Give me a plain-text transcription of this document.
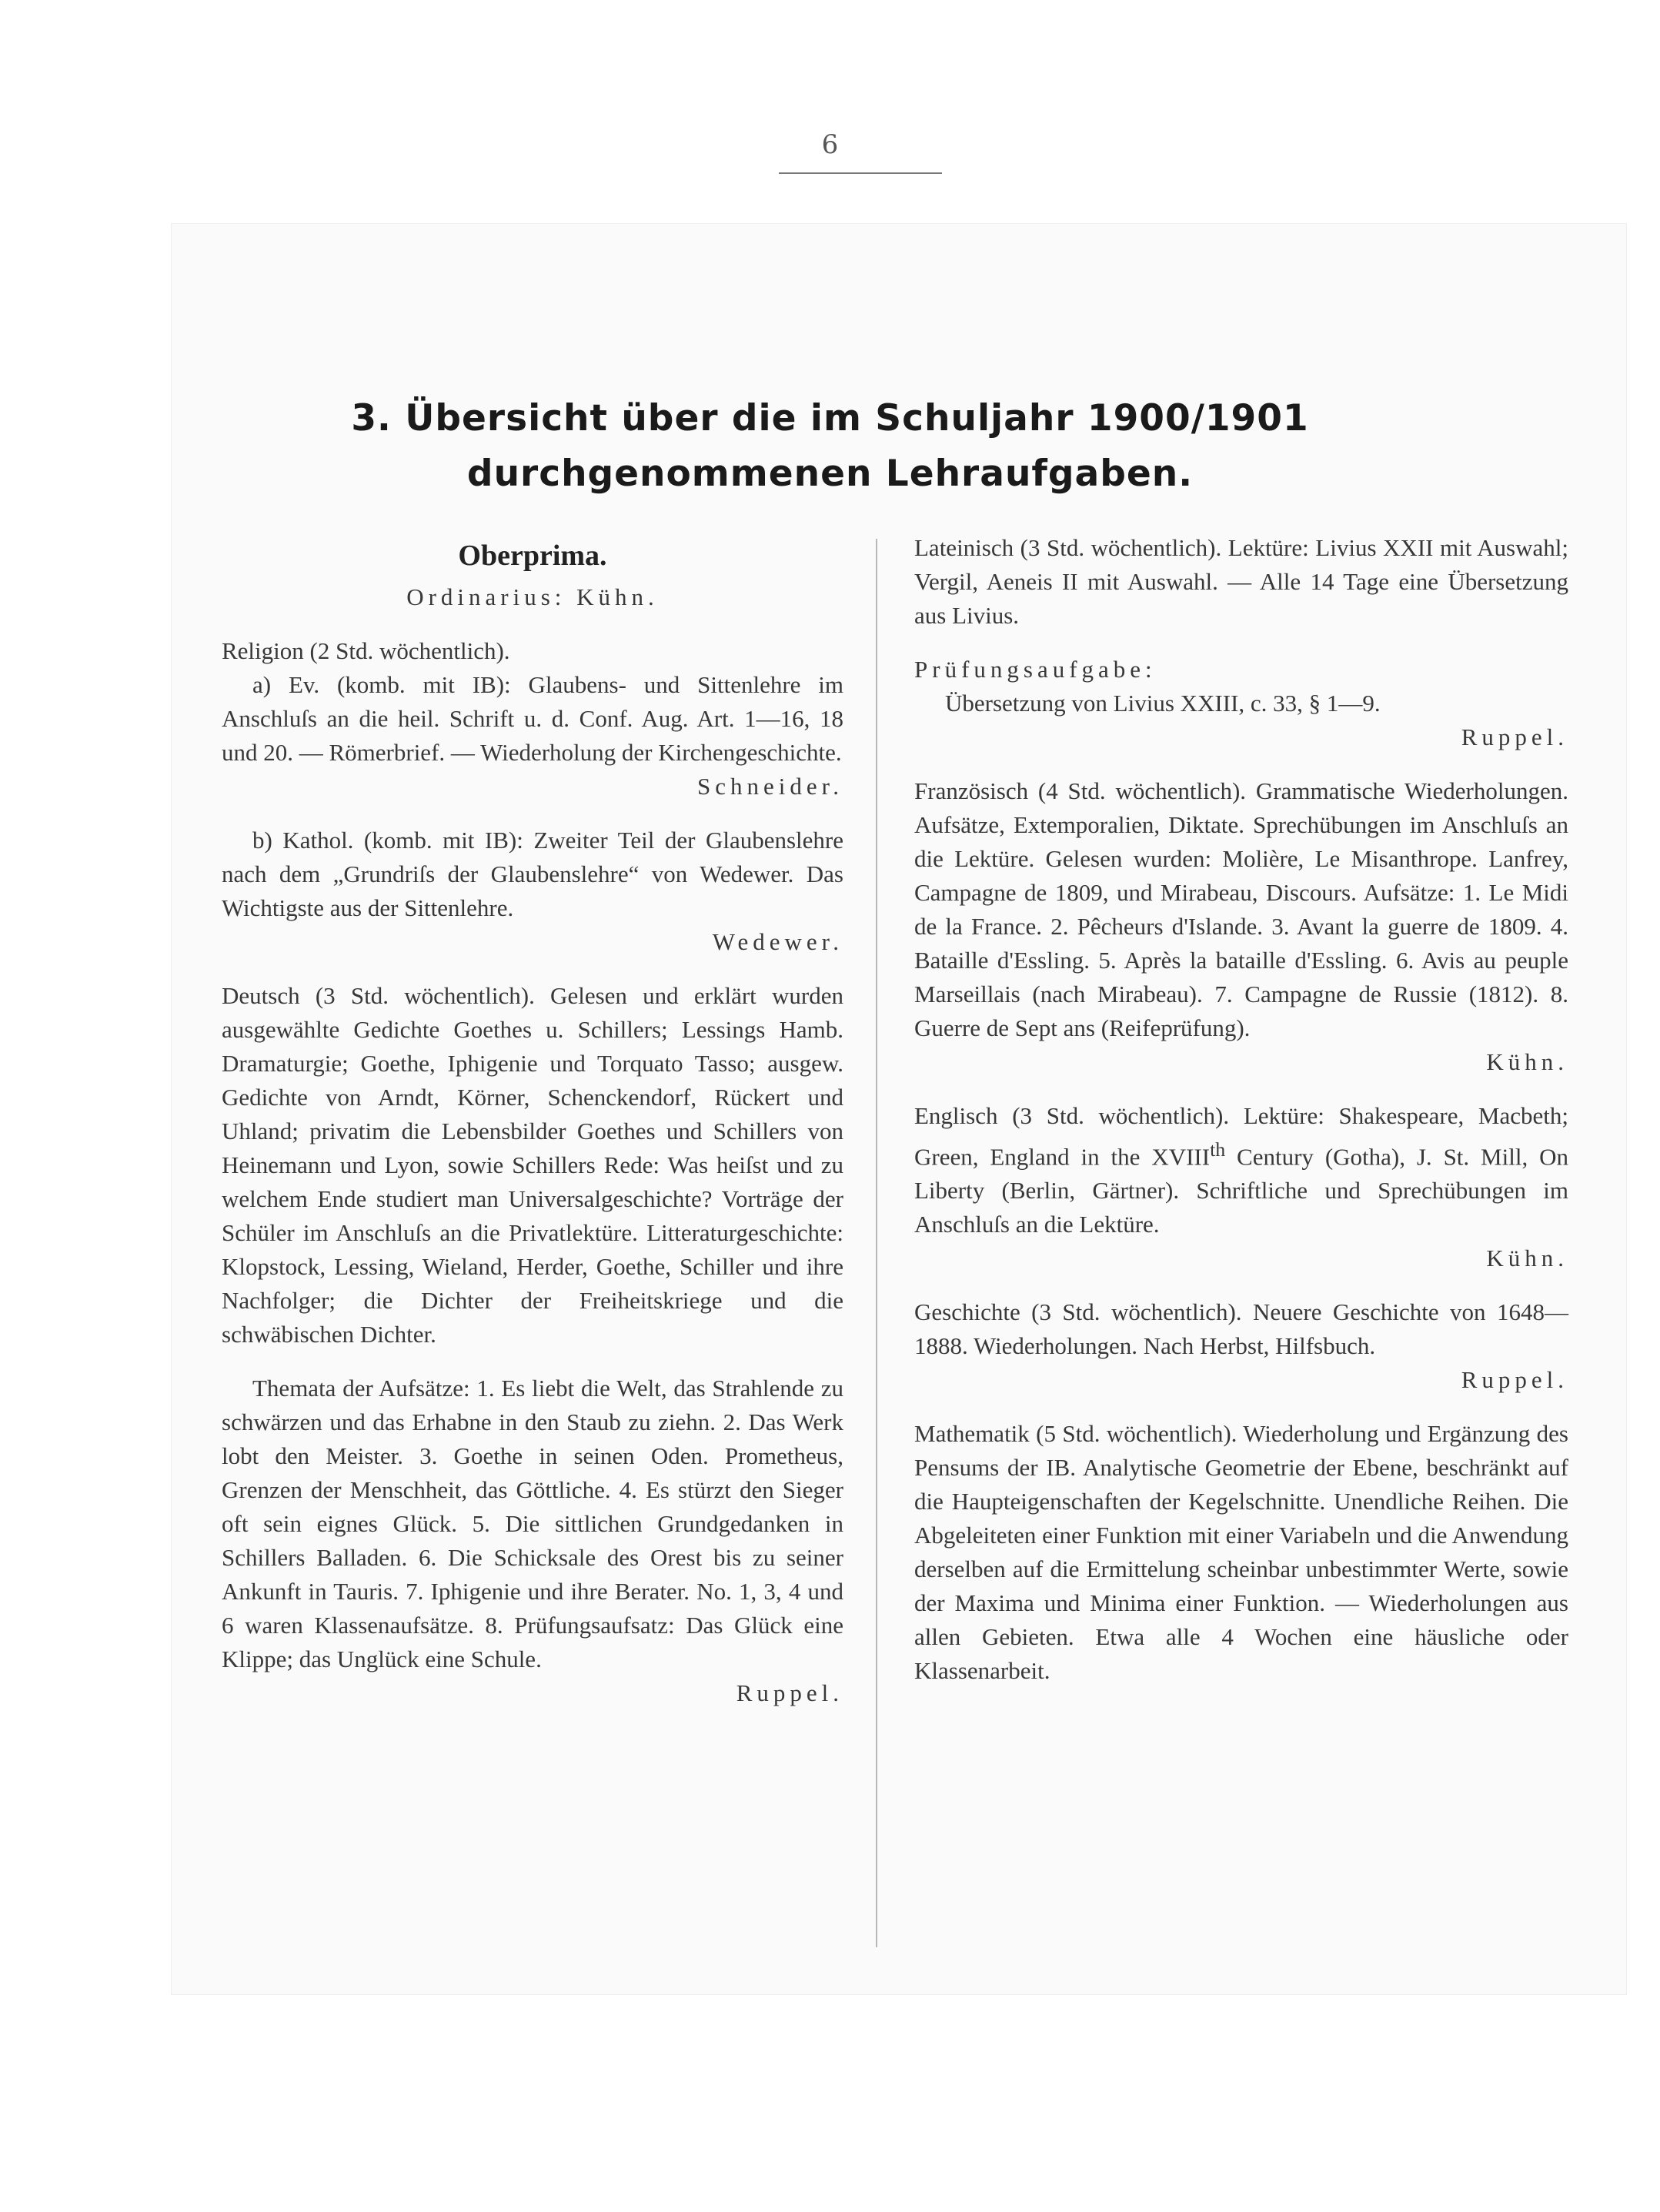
6
3. Übersicht über die im Schuljahr 1900/1901
durchgenommenen Lehraufgaben.
Oberprima.

Ordinarius: Kühn.

Religion (2 Std. wöchentlich).

a) Ev. (komb. mit IB): Glaubens- und Sittenlehre im Anschluſs an die heil. Schrift u. d. Conf. Aug. Art. 1—16, 18 und 20. — Römerbrief. — Wiederholung der Kirchengeschichte.

Schneider.

b) Kathol. (komb. mit IB): Zweiter Teil der Glaubenslehre nach dem „Grundriſs der Glaubenslehre“ von Wedewer. Das Wichtigste aus der Sittenlehre.

Wedewer.

Deutsch (3 Std. wöchentlich). Gelesen und erklärt wurden ausgewählte Gedichte Goethes u. Schillers; Lessings Hamb. Dramaturgie; Goethe, Iphigenie und Torquato Tasso; ausgew. Gedichte von Arndt, Körner, Schenckendorf, Rückert und Uhland; privatim die Lebensbilder Goethes und Schillers von Heinemann und Lyon, sowie Schillers Rede: Was heiſst und zu welchem Ende studiert man Universalgeschichte? Vorträge der Schüler im Anschluſs an die Privatlektüre. Litteraturgeschichte: Klopstock, Lessing, Wieland, Herder, Goethe, Schiller und ihre Nachfolger; die Dichter der Freiheitskriege und die schwäbischen Dichter.

Themata der Aufsätze: 1. Es liebt die Welt, das Strahlende zu schwärzen und das Erhabne in den Staub zu ziehn. 2. Das Werk lobt den Meister. 3. Goethe in seinen Oden. Prometheus, Grenzen der Menschheit, das Göttliche. 4. Es stürzt den Sieger oft sein eignes Glück. 5. Die sittlichen Grundgedanken in Schillers Balladen. 6. Die Schicksale des Orest bis zu seiner Ankunft in Tauris. 7. Iphigenie und ihre Berater. No. 1, 3, 4 und 6 waren Klassenaufsätze. 8. Prüfungsaufsatz: Das Glück eine Klippe; das Unglück eine Schule.

Ruppel.

Lateinisch (3 Std. wöchentlich). Lektüre: Livius XXII mit Auswahl; Vergil, Aeneis II mit Auswahl. — Alle 14 Tage eine Übersetzung aus Livius.

Prüfungsaufgabe:

Übersetzung von Livius XXIII, c. 33, § 1—9.

Ruppel.

Französisch (4 Std. wöchentlich). Grammatische Wiederholungen. Aufsätze, Extemporalien, Diktate. Sprechübungen im Anschluſs an die Lektüre. Gelesen wurden: Molière, Le Misanthrope. Lanfrey, Campagne de 1809, und Mirabeau, Discours. Aufsätze: 1. Le Midi de la France. 2. Pêcheurs d'Islande. 3. Avant la guerre de 1809. 4. Bataille d'Essling. 5. Après la bataille d'Essling. 6. Avis au peuple Marseillais (nach Mirabeau). 7. Campagne de Russie (1812). 8. Guerre de Sept ans (Reifeprüfung).

Kühn.

Englisch (3 Std. wöchentlich). Lektüre: Shakespeare, Macbeth; Green, England in the XVIIIth Century (Gotha), J. St. Mill, On Liberty (Berlin, Gärtner). Schriftliche und Sprechübungen im Anschluſs an die Lektüre.

Kühn.

Geschichte (3 Std. wöchentlich). Neuere Geschichte von 1648—1888. Wiederholungen. Nach Herbst, Hilfsbuch.

Ruppel.

Mathematik (5 Std. wöchentlich). Wiederholung und Ergänzung des Pensums der IB. Analytische Geometrie der Ebene, beschränkt auf die Haupteigenschaften der Kegelschnitte. Unendliche Reihen. Die Abgeleiteten einer Funktion mit einer Variabeln und die Anwendung derselben auf die Ermittelung scheinbar unbestimmter Werte, sowie der Maxima und Minima einer Funktion. — Wiederholungen aus allen Gebieten. Etwa alle 4 Wochen eine häusliche oder Klassenarbeit.
